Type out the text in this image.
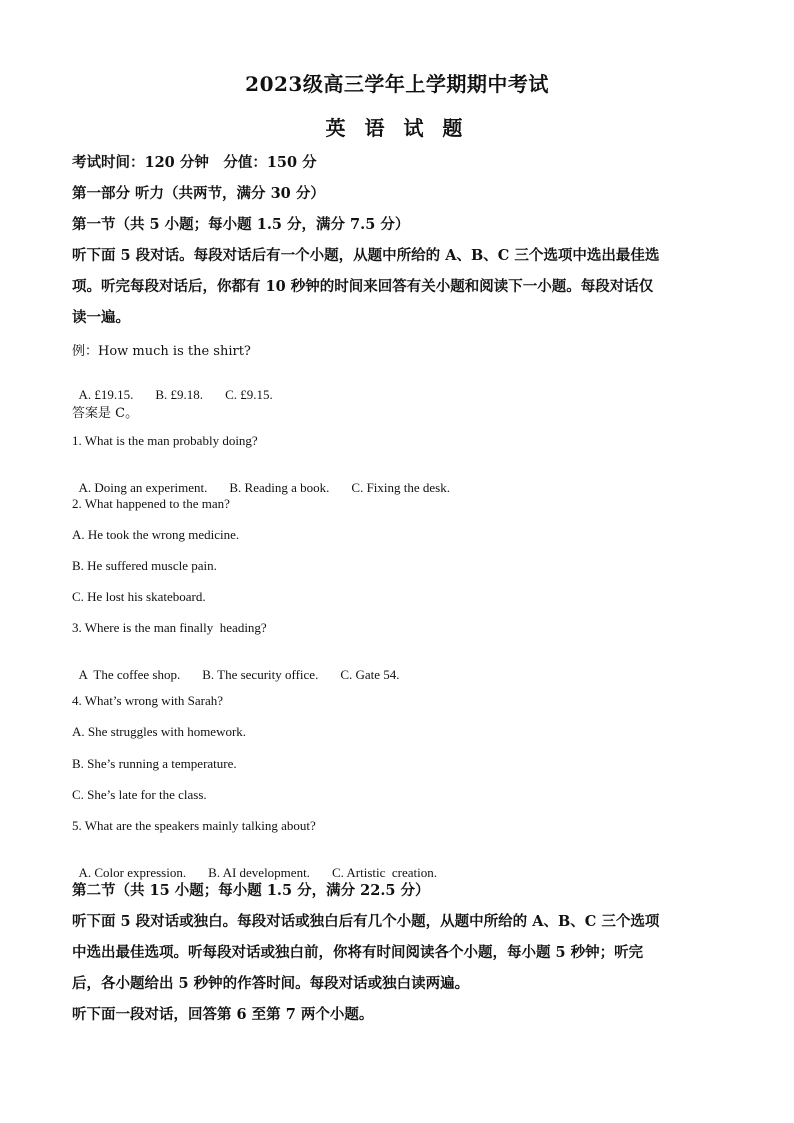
2023级高三学年上学期期中考试
英 语 试 题
考试时间：120 分钟　分值：150 分
第一部分 听力（共两节，满分 30 分）
第一节（共 5 小题；每小题 1.5 分，满分 7.5 分）
听下面 5 段对话。每段对话后有一个小题，从题中所给的 A、B、C 三个选项中选出最佳选
项。听完每段对话后，你都有 10 秒钟的时间来回答有关小题和阅读下一小题。每段对话仅
读一遍。
例：How much is the shirt?

A. £19.15. B. £9.18. C. £9.15.

答案是 C。
1. What is the man probably doing?

A. Doing an experiment. B. Reading a book. C. Fixing the desk.

2. What happened to the man?
A. He took the wrong medicine.
B. He suffered muscle pain.
C. He lost his skateboard.
3. Where is the man finally  heading?

A  The coffee shop. B. The security office. C. Gate 54.

4. What’s wrong with Sarah?
A. She struggles with homework.
B. She’s running a temperature.
C. She’s late for the class.
5. What are the speakers mainly talking about?

A. Color expression. B. AI development. C. Artistic  creation.

第二节（共 15 小题；每小题 1.5 分，满分 22.5 分）
听下面 5 段对话或独白。每段对话或独白后有几个小题，从题中所给的 A、B、C 三个选项
中选出最佳选项。听每段对话或独白前，你将有时间阅读各个小题，每小题 5 秒钟；听完
后，各小题给出 5 秒钟的作答时间。每段对话或独白读两遍。
听下面一段对话，回答第 6 至第 7 两个小题。
